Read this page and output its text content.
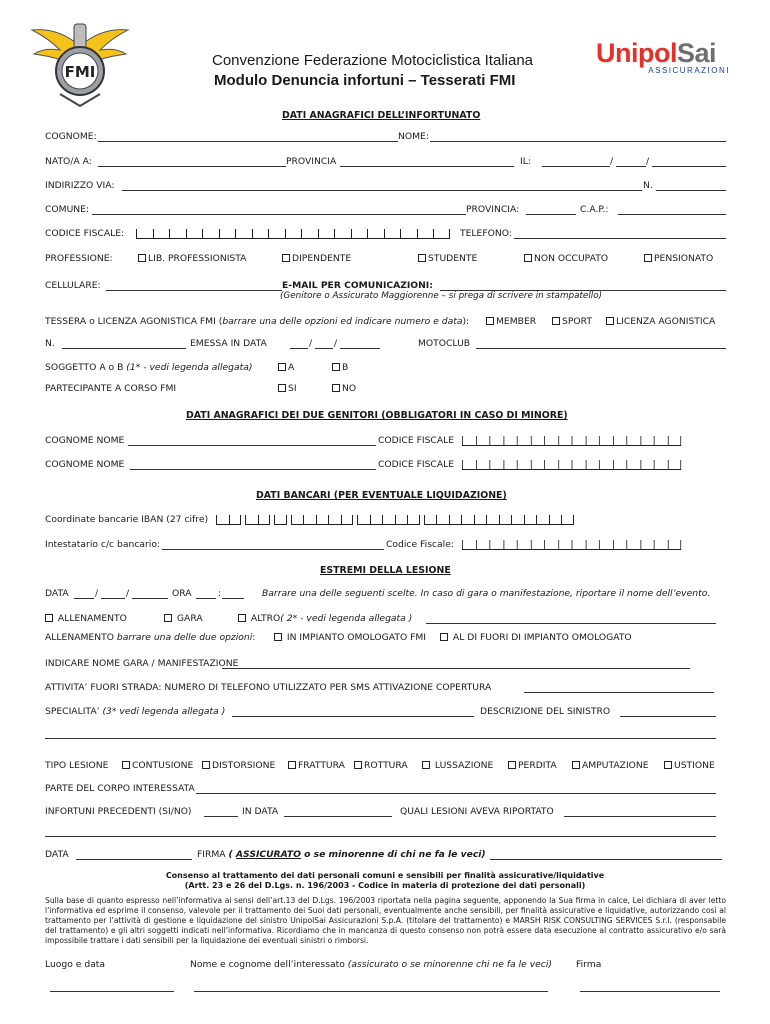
FMI
Convenzione Federazione Motociclistica Italiana
Modulo Denuncia infortuni – Tesserati FMI
UnipolSai
ASSICURAZIONI
DATI ANAGRAFICI DELL’INFORTUNATO
COGNOME:	NOME:
NATO/A A:	PROVINCIA	IL:	/	/
INDIRIZZO VIA:	N.
COMUNE:	PROVINCIA:	C.A.P.:
CODICE FISCALE:	TELEFONO:
PROFESSIONE:	LIB. PROFESSIONISTA	DIPENDENTE	STUDENTE	NON OCCUPATO	PENSIONATO
CELLULARE:	E-MAIL PER COMUNICAZIONI:
(Genitore o Assicurato Maggiorenne – si prega di scrivere in stampatello)
TESSERA o LICENZA AGONISTICA FMI (barrare una delle opzioni ed indicare numero e data):	MEMBER	SPORT	LICENZA AGONISTICA
N.	EMESSA IN DATA	/ /	MOTOCLUB
SOGGETTO A o B (1* - vedi legenda allegata)	A	B
PARTECIPANTE A CORSO FMI	SI	NO
DATI ANAGRAFICI DEI DUE GENITORI (OBBLIGATORI IN CASO DI MINORE)
COGNOME NOME	CODICE FISCALE
COGNOME NOME	CODICE FISCALE
DATI BANCARI (PER EVENTUALE LIQUIDAZIONE)
Coordinate bancarie IBAN (27 cifre)
Intestatario c/c bancario:	Codice Fiscale:
ESTREMI DELLA LESIONE
DATA	/	/	ORA	:	Barrare una delle seguenti scelte. In caso di gara o manifestazione, riportare il nome dell’evento.
ALLENAMENTO	GARA	ALTRO( 2* - vedi legenda allegata )
ALLENAMENTO barrare una delle due opzioni:	IN IMPIANTO OMOLOGATO FMI	AL DI FUORI DI IMPIANTO OMOLOGATO
INDICARE NOME GARA / MANIFESTAZIONE
ATTIVITA’ FUORI STRADA: NUMERO DI TELEFONO UTILIZZATO PER SMS ATTIVAZIONE COPERTURA
SPECIALITA’ (3* vedi legenda allegata )	DESCRIZIONE DEL SINISTRO
TIPO LESIONE	CONTUSIONE	DISTORSIONE	FRATTURA	ROTTURA	LUSSAZIONE	PERDITA	AMPUTAZIONE	USTIONE
PARTE DEL CORPO INTERESSATA
INFORTUNI PRECEDENTI (SI/NO)	IN DATA	QUALI LESIONI AVEVA RIPORTATO
DATA	FIRMA ( ASSICURATO o se minorenne di chi ne fa le veci)
Consenso al trattamento dei dati personali comuni e sensibili per finalità assicurative/liquidative
(Artt. 23 e 26 del D.Lgs. n. 196/2003 - Codice in materia di protezione dei dati personali)
Sulla base di quanto espresso nell’informativa ai sensi dell’art.13 del D.Lgs. 196/2003 riportata nella pagina seguente, apponendo la Sua firma in calce, Lei dichiara di aver letto l’informativa ed esprime il consenso, valevole per il trattamento dei Suoi dati personali, eventualmente anche sensibili, per finalità assicurative e liquidative, autorizzando così al trattamento per l’attività di gestione e liquidazione del sinistro UnipolSai Assicurazioni S.p.A. (titolare del trattamento) e MARSH RISK CONSULTING SERVICES S.r.l. (responsabile del trattamento) e gli altri soggetti indicati nell’informativa. Ricordiamo che in mancanza di questo consenso non potrà essere data esecuzione al contratto assicurativo e/o sarà impossibile trattare i dati sensibili per la liquidazione dei eventuali sinistri o rimborsi.
Luogo e data	Nome e cognome dell’interessato (assicurato o se minorenne chi ne fa le veci)	Firma
